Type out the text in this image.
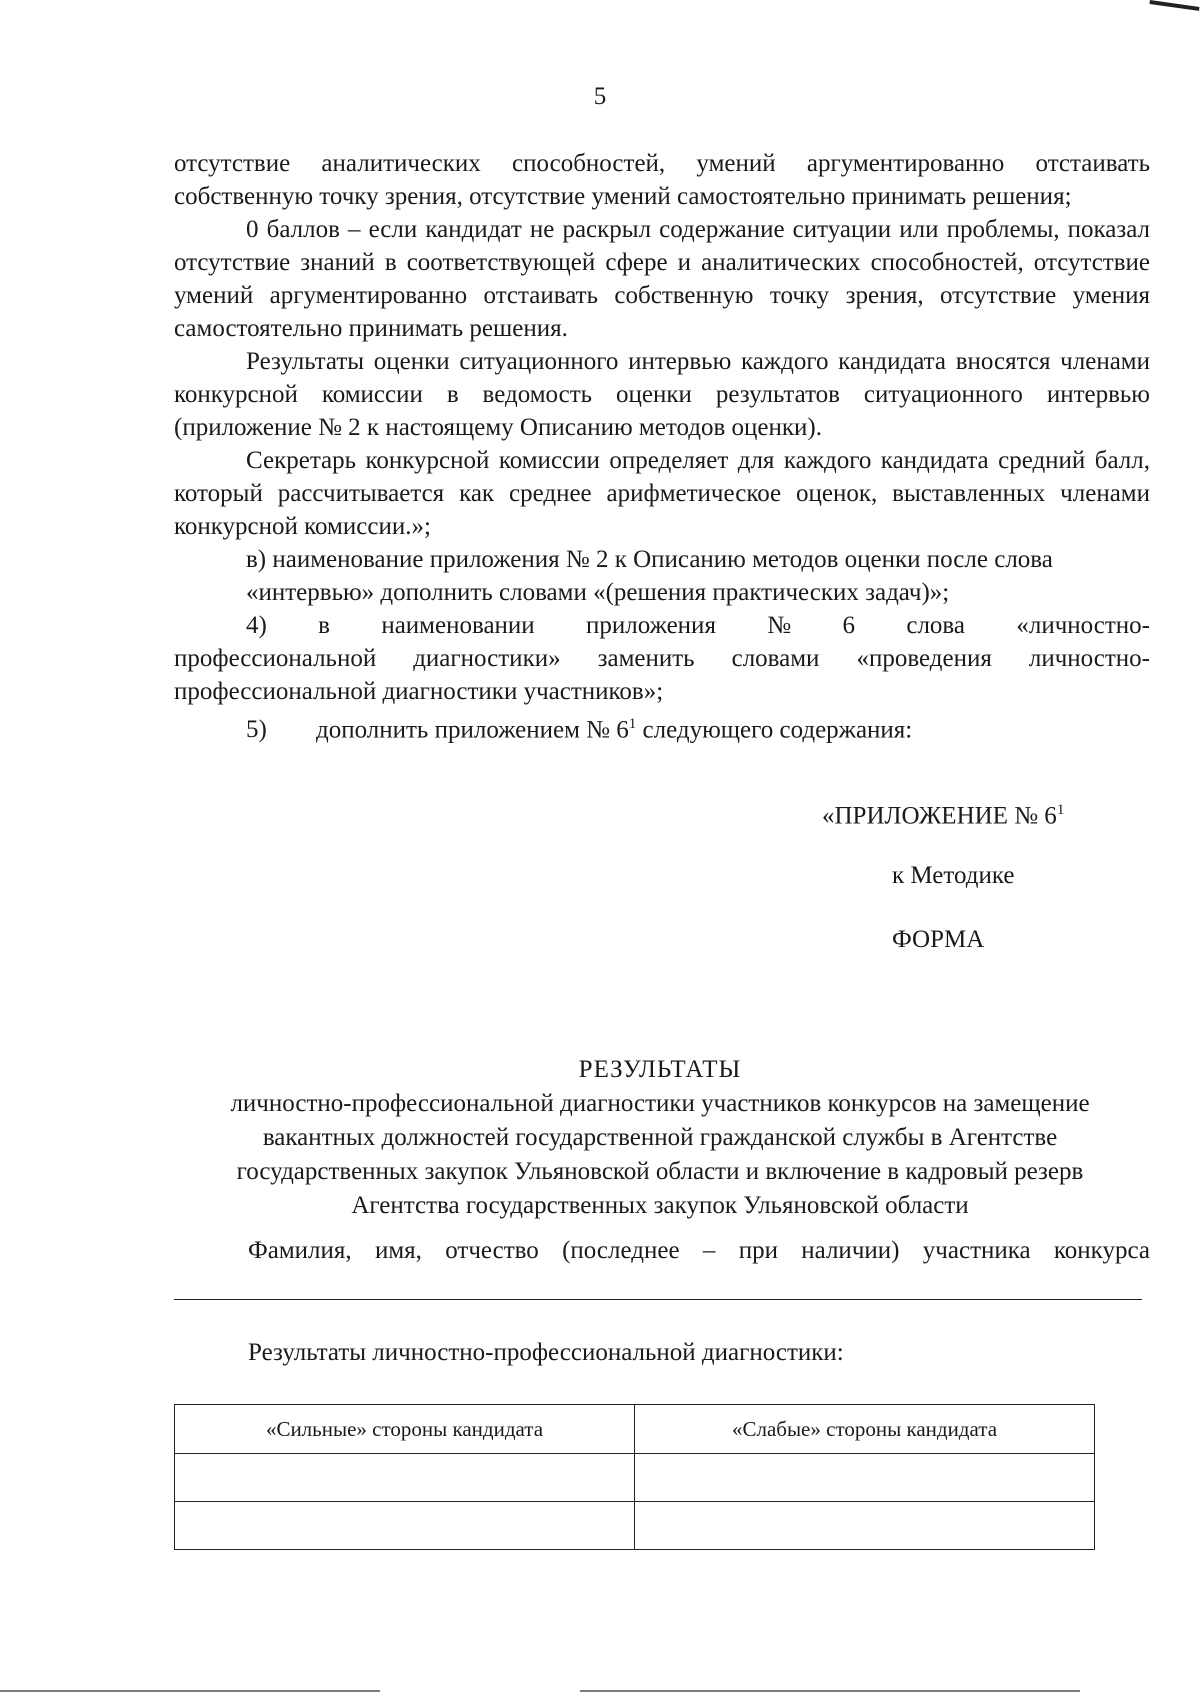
5

отсутствие аналитических способностей, умений аргументированно отстаивать собственную точку зрения, отсутствие умений самостоятельно принимать решения;

0 баллов – если кандидат не раскрыл содержание ситуации или проблемы, показал отсутствие знаний в соответствующей сфере и аналитических способностей, отсутствие умений аргументированно отстаивать собственную точку зрения, отсутствие умения самостоятельно принимать решения.

Результаты оценки ситуационного интервью каждого кандидата вносятся членами конкурсной комиссии в ведомость оценки результатов ситуационного интервью (приложение № 2 к настоящему Описанию методов оценки).

Секретарь конкурсной комиссии определяет для каждого кандидата средний балл, который рассчитывается как среднее арифметическое оценок, выставленных членами конкурсной комиссии.»;

в) наименование приложения № 2 к Описанию методов оценки после слова

«интервью» дополнить словами «(решения практических задач)»;

4) в наименовании приложения № 6 слова «личностно-

профессиональной диагностики» заменить словами «проведения личностно-профессиональной диагностики участников»;

5) дополнить приложением № $6^1$ следующего содержания:
«ПРИЛОЖЕНИЕ № $6^1$
к Методике
ФОРМА
РЕЗУЛЬТАТЫ
личностно-профессиональной диагностики участников конкурсов на замещение
вакантных должностей государственной гражданской службы в Агентстве
государственных закупок Ульяновской области и включение в кадровый резерв
Агентства государственных закупок Ульяновской области
Фамилия, имя, отчество (последнее – при наличии) участника конкурса
Результаты личностно-профессиональной диагностики:
«Сильные» стороны кандидата	«Слабые» стороны кандидата
